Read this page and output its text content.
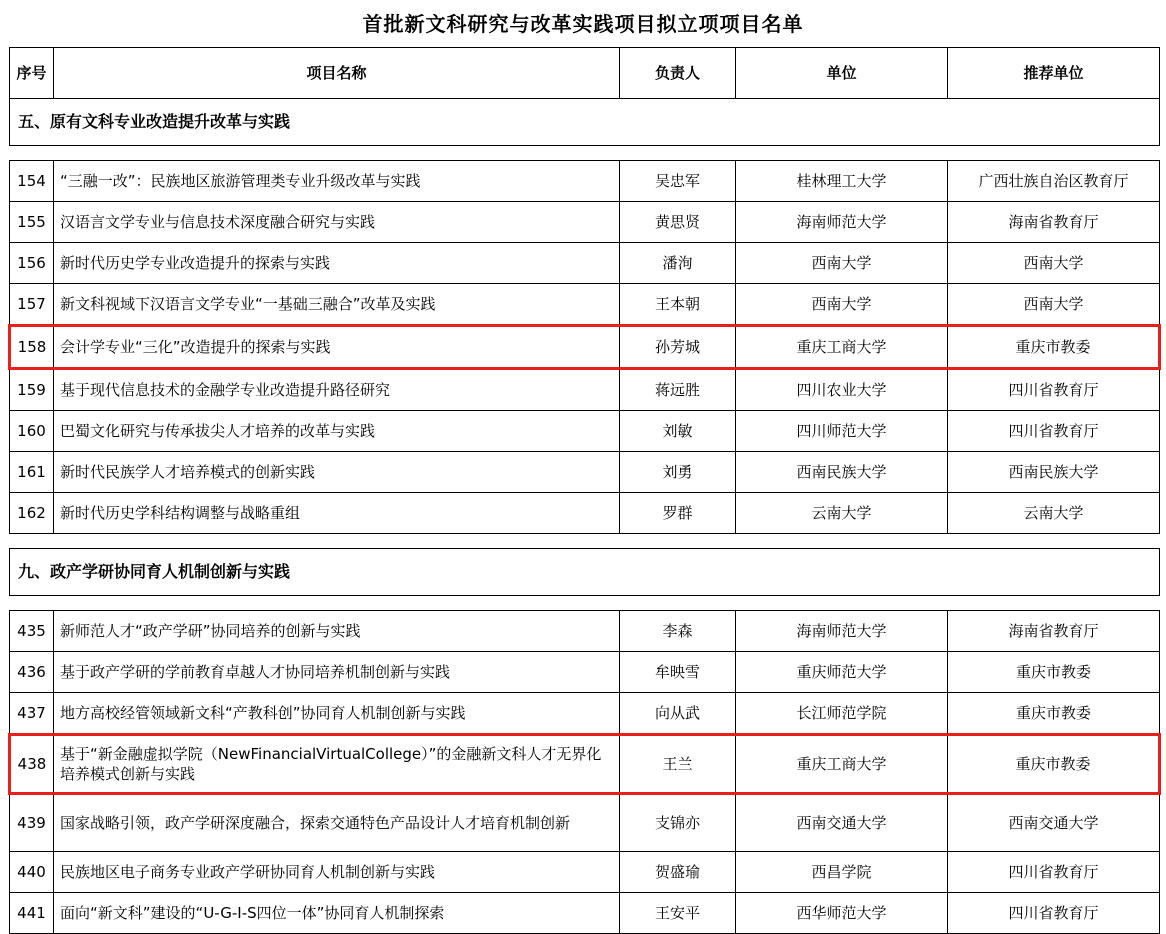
首批新文科研究与改革实践项目拟立项项目名单
序号	项目名称	负责人	单位	推荐单位
五、原有文科专业改造提升改革与实践				

154	“三融一改”：民族地区旅游管理类专业升级改革与实践	吴忠军	桂林理工大学	广西壮族自治区教育厅
155	汉语言文学专业与信息技术深度融合研究与实践	黄思贤	海南师范大学	海南省教育厅
156	新时代历史学专业改造提升的探索与实践	潘洵	西南大学	西南大学
157	新文科视域下汉语言文学专业“一基础三融合”改革及实践	王本朝	西南大学	西南大学
158	会计学专业“三化”改造提升的探索与实践	孙芳城	重庆工商大学	重庆市教委
159	基于现代信息技术的金融学专业改造提升路径研究	蒋远胜	四川农业大学	四川省教育厅
160	巴蜀文化研究与传承拔尖人才培养的改革与实践	刘敏	四川师范大学	四川省教育厅
161	新时代民族学人才培养模式的创新实践	刘勇	西南民族大学	西南民族大学
162	新时代历史学科结构调整与战略重组	罗群	云南大学	云南大学

九、政产学研协同育人机制创新与实践				

435	新师范人才“政产学研”协同培养的创新与实践	李森	海南师范大学	海南省教育厅
436	基于政产学研的学前教育卓越人才协同培养机制创新与实践	牟映雪	重庆师范大学	重庆市教委
437	地方高校经管领域新文科“产教科创”协同育人机制创新与实践	向从武	长江师范学院	重庆市教委
438	基于“新金融虚拟学院（NewFinancialVirtualCollege）”的金融新文科人才无界化培养模式创新与实践	王兰	重庆工商大学	重庆市教委
439	国家战略引领，政产学研深度融合，探索交通特色产品设计人才培育机制创新	支锦亦	西南交通大学	西南交通大学
440	民族地区电子商务专业政产学研协同育人机制创新与实践	贺盛瑜	西昌学院	四川省教育厅
441	面向“新文科”建设的“U-G-I-S四位一体”协同育人机制探索	王安平	西华师范大学	四川省教育厅
